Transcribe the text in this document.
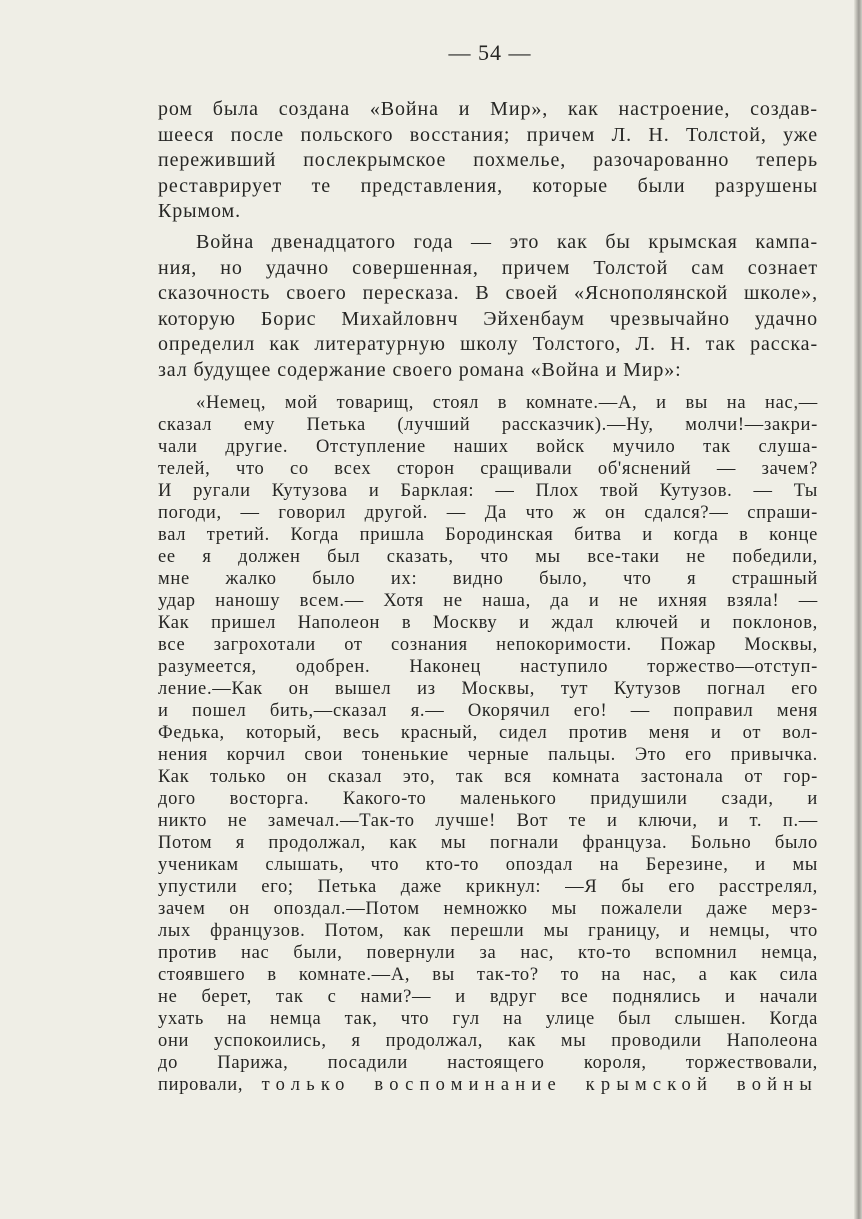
— 54 —
ром была создана «Война и Мир», как настроение, создав-
шееся после польского восстания; причем Л. Н. Толстой, уже
переживший послекрымское похмелье, разочарованно теперь
реставрирует те представления, которые были разрушены
Крымом.
Война двенадцатого года — это как бы крымская кампа-
ния, но удачно совершенная, причем Толстой сам сознает
сказочность своего пересказа. В своей «Яснополянской школе»,
которую Борис Михайловнч Эйхенбаум чрезвычайно удачно
определил как литературную школу Толстого, Л. Н. так расска-
зал будущее содержание своего романа «Война и Мир»:
«Немец, мой товарищ, стоял в комнате.—А, и вы на нас,—
сказал ему Петька (лучший рассказчик).—Ну, молчи!—закри-
чали другие. Отступление наших войск мучило так слуша-
телей, что со всех сторон сращивали об'яснений — зачем?
И ругали Кутузова и Барклая: — Плох твой Кутузов. — Ты
погоди, — говорил другой. — Да что ж он сдался?— спраши-
вал третий. Когда пришла Бородинская битва и когда в конце
ее я должен был сказать, что мы все-таки не победили,
мне жалко было их: видно было, что я страшный
удар наношу всем.— Хотя не наша, да и не ихняя взяла! —
Как пришел Наполеон в Москву и ждал ключей и поклонов,
все загрохотали от сознания непокоримости. Пожар Москвы,
разумеется, одобрен. Наконец наступило торжество—отступ-
ление.—Как он вышел из Москвы, тут Кутузов погнал его
и пошел бить,—сказал я.— Окорячил его! — поправил меня
Федька, который, весь красный, сидел против меня и от вол-
нения корчил свои тоненькие черные пальцы. Это его привычка.
Как только он сказал это, так вся комната застонала от гор-
дого восторга. Какого-то маленького придушили сзади, и
никто не замечал.—Так-то лучше! Вот те и ключи, и т. п.—
Потом я продолжал, как мы погнали француза. Больно было
ученикам слышать, что кто-то опоздал на Березине, и мы
упустили его; Петька даже крикнул: —Я бы его расстрелял,
зачем он опоздал.—Потом немножко мы пожалели даже мерз-
лых французов. Потом, как перешли мы границу, и немцы, что
против нас были, повернули за нас, кто-то вспомнил немца,
стоявшего в комнате.—А, вы так-то? то на нас, а как сила
не берет, так с нами?— и вдруг все поднялись и начали
ухать на немца так, что гул на улице был слышен. Когда
они успокоились, я продолжал, как мы проводили Наполеона
до Парижа, посадили настоящего короля, торжествовали,
пировали, только воспоминание крымской войны
